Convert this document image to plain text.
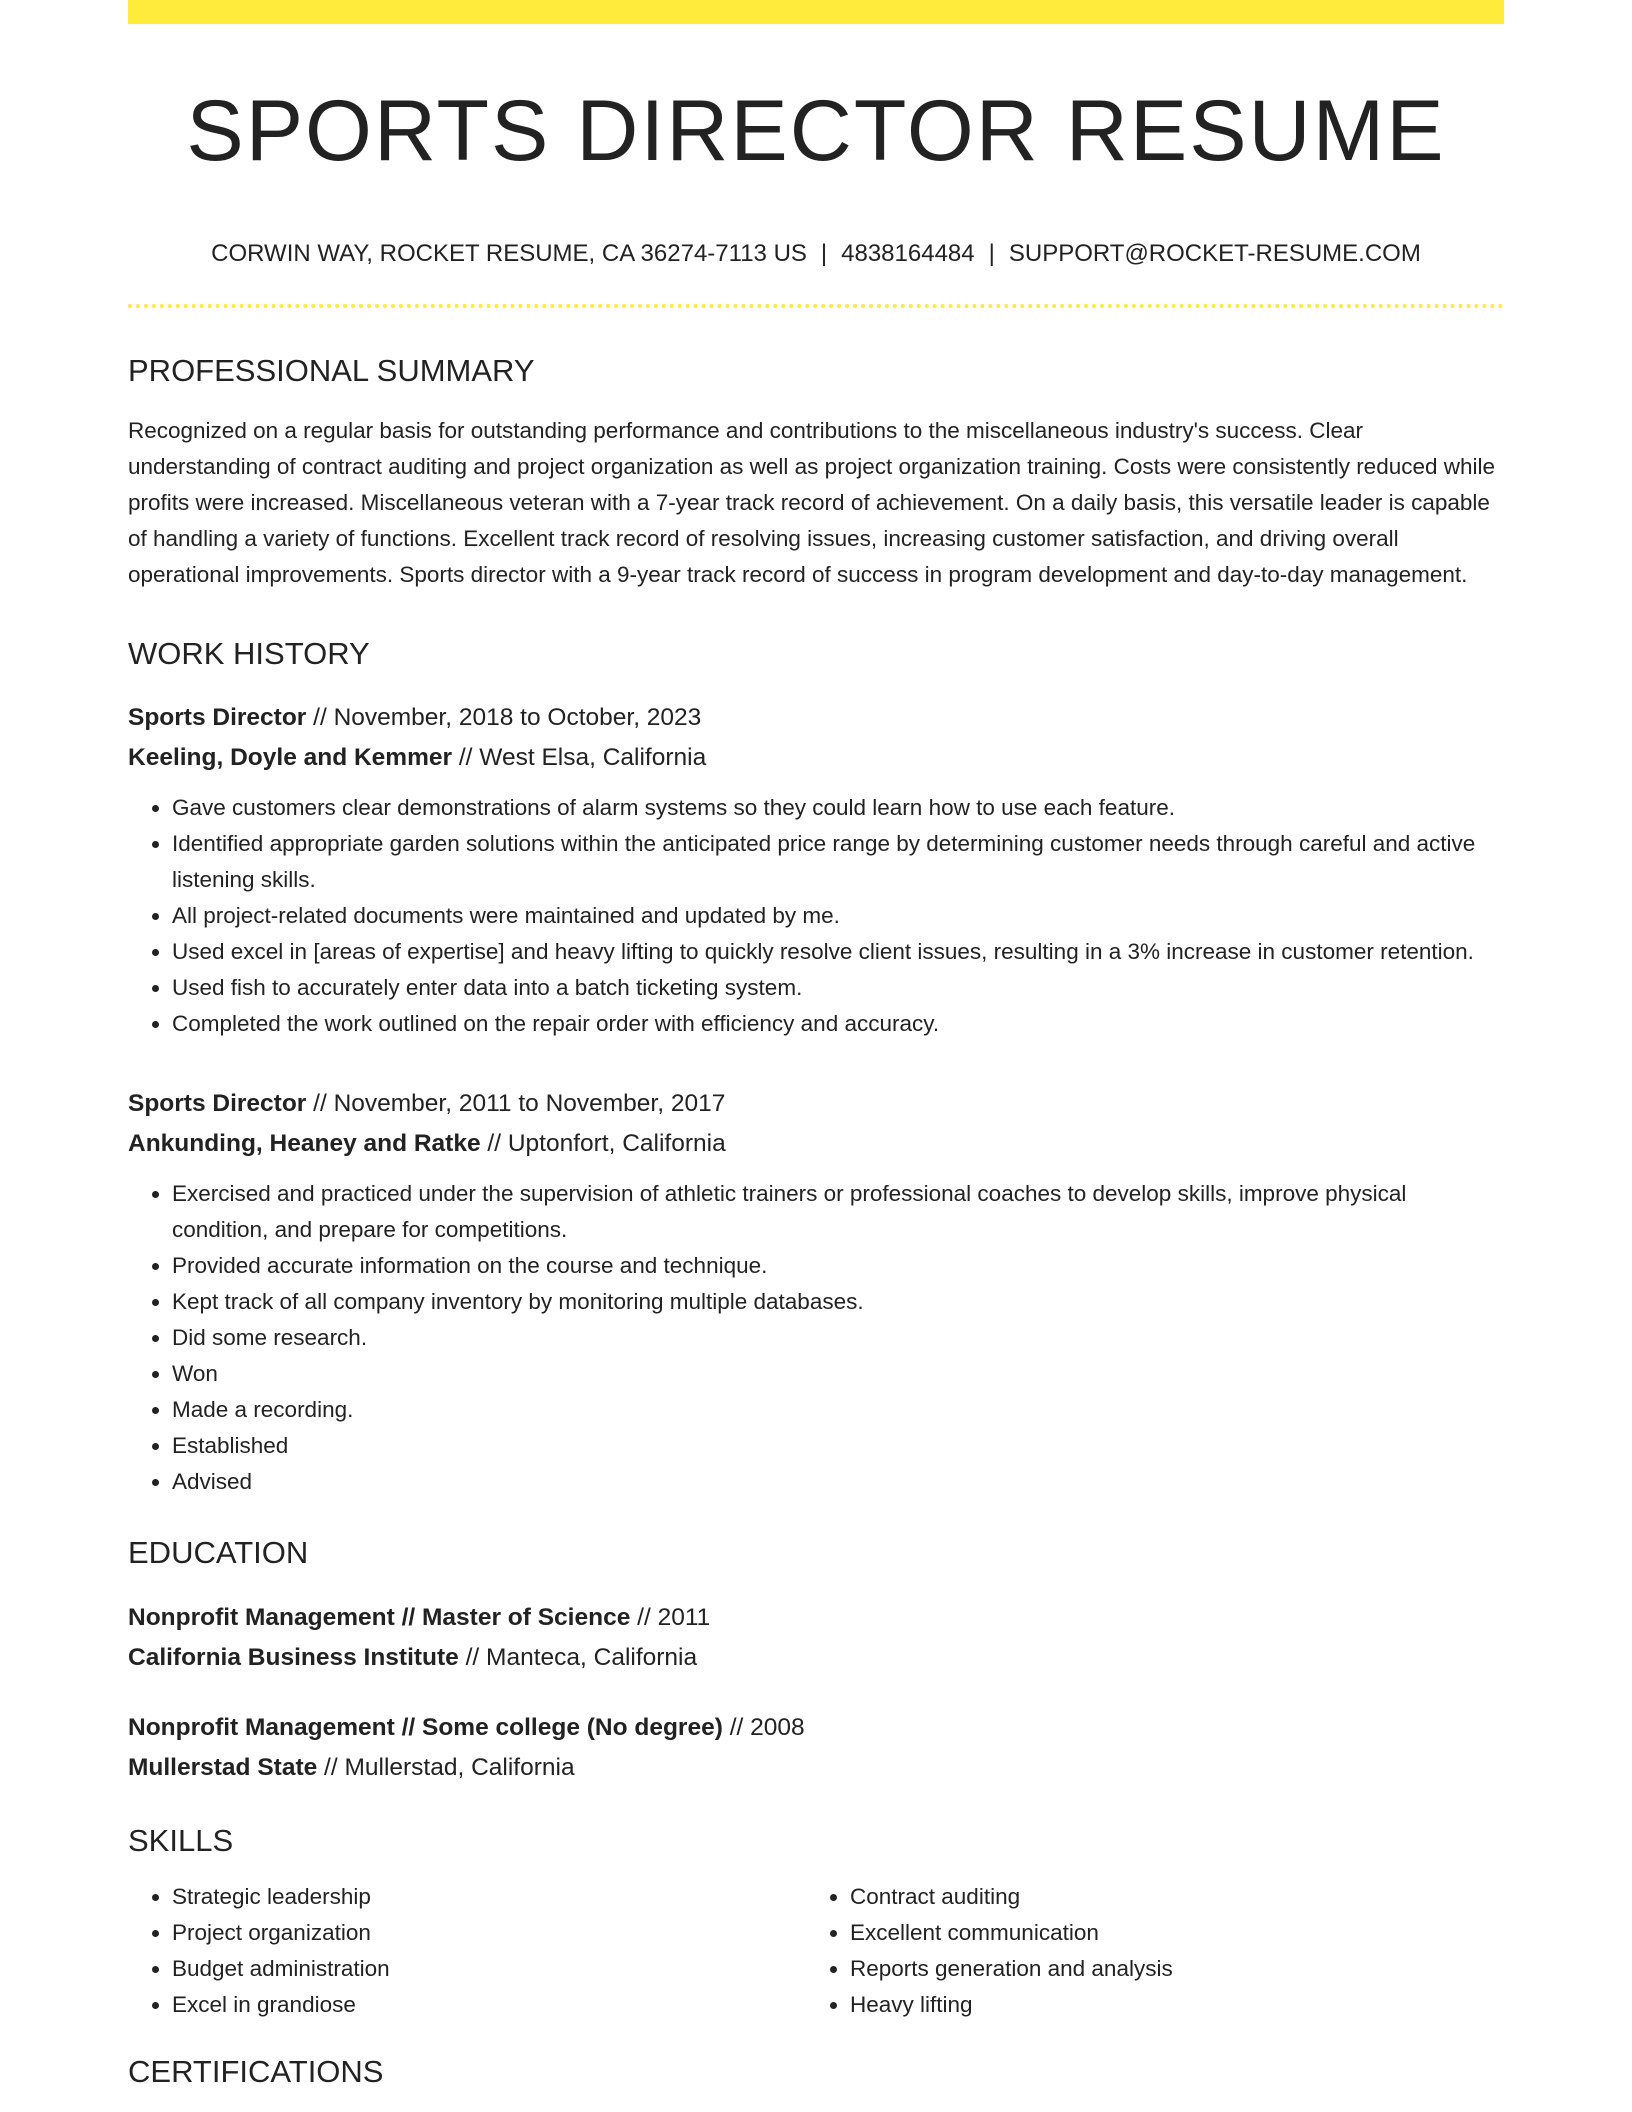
SPORTS DIRECTOR RESUME
CORWIN WAY, ROCKET RESUME, CA 36274-7113 US | 4838164484 | SUPPORT@ROCKET-RESUME.COM
PROFESSIONAL SUMMARY
Recognized on a regular basis for outstanding performance and contributions to the miscellaneous industry's success. Clear understanding of contract auditing and project organization as well as project organization training. Costs were consistently reduced while profits were increased. Miscellaneous veteran with a 7-year track record of achievement. On a daily basis, this versatile leader is capable of handling a variety of functions. Excellent track record of resolving issues, increasing customer satisfaction, and driving overall operational improvements. Sports director with a 9-year track record of success in program development and day-to-day management.
WORK HISTORY
Sports Director // November, 2018 to October, 2023
Keeling, Doyle and Kemmer // West Elsa, California
• Gave customers clear demonstrations of alarm systems so they could learn how to use each feature.
• Identified appropriate garden solutions within the anticipated price range by determining customer needs through careful and active listening skills.
• All project-related documents were maintained and updated by me.
• Used excel in [areas of expertise] and heavy lifting to quickly resolve client issues, resulting in a 3% increase in customer retention.
• Used fish to accurately enter data into a batch ticketing system.
• Completed the work outlined on the repair order with efficiency and accuracy.
Sports Director // November, 2011 to November, 2017
Ankunding, Heaney and Ratke // Uptonfort, California
• Exercised and practiced under the supervision of athletic trainers or professional coaches to develop skills, improve physical condition, and prepare for competitions.
• Provided accurate information on the course and technique.
• Kept track of all company inventory by monitoring multiple databases.
• Did some research.
• Won
• Made a recording.
• Established
• Advised
EDUCATION
Nonprofit Management // Master of Science // 2011
California Business Institute // Manteca, California
Nonprofit Management // Some college (No degree) // 2008
Mullerstad State // Mullerstad, California
SKILLS
• Strategic leadership
• Project organization
• Budget administration
• Excel in grandiose
• Contract auditing
• Excellent communication
• Reports generation and analysis
• Heavy lifting
CERTIFICATIONS
